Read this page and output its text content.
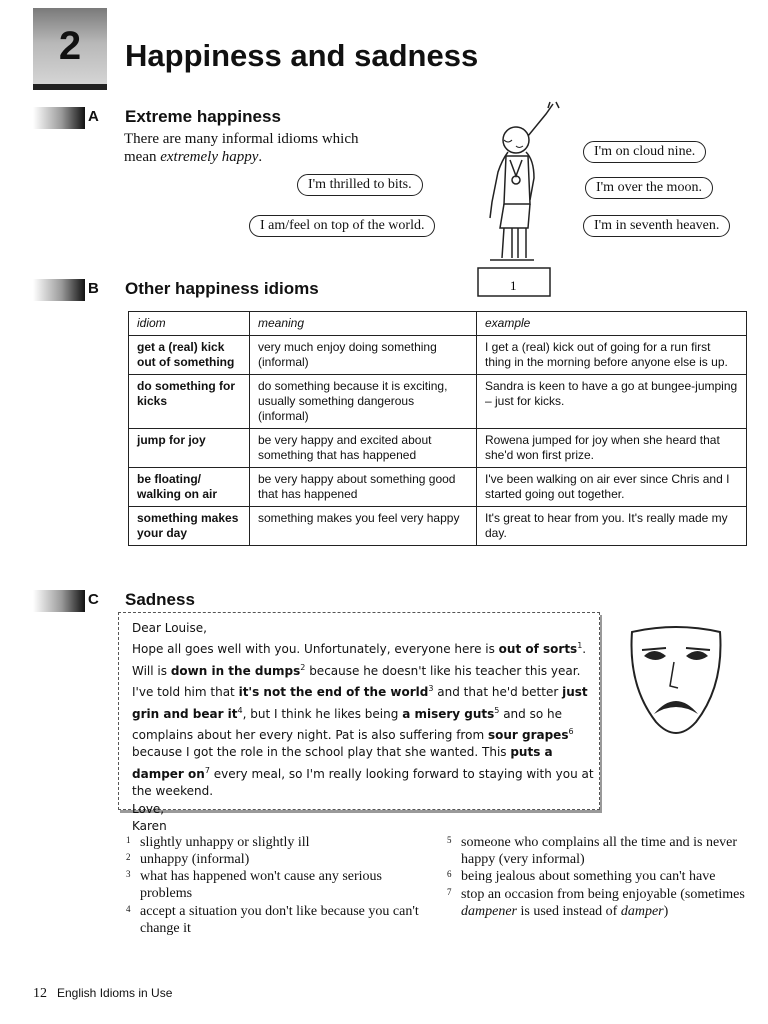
2	Happiness and sadness
A Extreme happiness
There are many informal idioms which mean extremely happy.
I'm thrilled to bits.
I am/feel on top of the world.
I'm on cloud nine.
I'm over the moon.
I'm in seventh heaven.
1
B Other happiness idioms
idiom	meaning	example
get a (real) kick out of something	very much enjoy doing something (informal)	I get a (real) kick out of going for a run first thing in the morning before anyone else is up.
do something for kicks	do something because it is exciting, usually something dangerous (informal)	Sandra is keen to have a go at bungee-jumping – just for kicks.
jump for joy	be very happy and excited about something that has happened	Rowena jumped for joy when she heard that she'd won first prize.
be floating/ walking on air	be very happy about something good that has happened	I've been walking on air ever since Chris and I started going out together.
something makes your day	something makes you feel very happy	It's great to hear from you. It's really made my day.
C Sadness
Dear Louise,
Hope all goes well with you. Unfortunately, everyone here is out of sorts$^1$. Will is down in the dumps$^2$ because he doesn't like his teacher this year. I've told him that it's not the end of the world$^3$ and that he'd better just grin and bear $it^4$, but I think he likes being a misery guts$^5$ and so he complains about her every night. Pat is also suffering from sour grapes$^6$ because I got the role in the school play that she wanted. This puts a damper $on^7$ every meal, so I'm really looking forward to staying with you at the weekend.
Love,
Karen
1 slightly unhappy or slightly ill
2 unhappy (informal)
3 what has happened won't cause any serious problems
4 accept a situation you don't like because you can't change it
5 someone who complains all the time and is never happy (very informal)
6 being jealous about something you can't have
7 stop an occasion from being enjoyable (sometimes dampener is used instead of damper)
12 English Idioms in Use
